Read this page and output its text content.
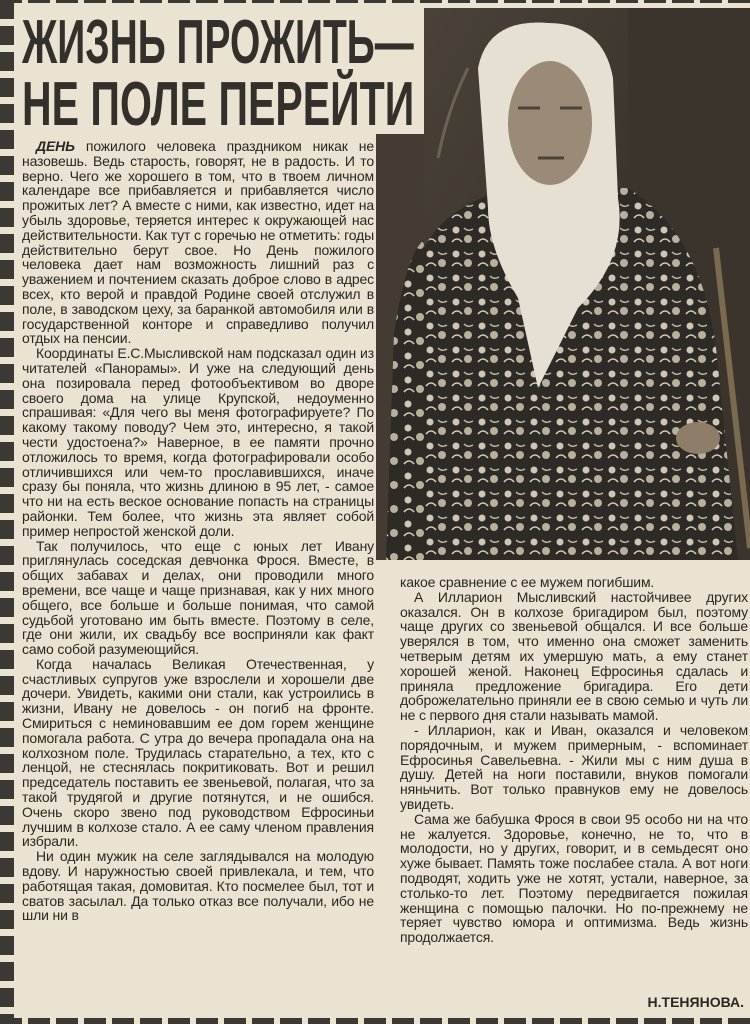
ЖИЗНЬ ПРОЖИТЬ—
НЕ ПОЛЕ ПЕРЕЙТИ

ДЕНЬ пожилого человека праздником никак не назовешь. Ведь старость, говорят, не в радость. И то верно. Чего же хорошего в том, что в твоем личном календаре все прибавляется и прибавляется число прожитых лет? А вместе с ними, как известно, идет на убыль здоровье, теряется интерес к окружающей нас действительности. Как тут с горечью не отметить: годы действительно берут свое. Но День пожилого человека дает нам возможность лишний раз с уважением и почтением сказать доброе слово в адрес всех, кто верой и правдой Родине своей отслужил в поле, в заводском цеху, за баранкой автомобиля или в государственной конторе и справедливо получил отдых на пенсии.

Координаты Е.С.Мысливской нам подсказал один из читателей «Панорамы». И уже на следующий день она позировала перед фотообъективом во дворе своего дома на улице Крупской, недоуменно спрашивая: «Для чего вы меня фотографируете? По какому такому поводу? Чем это, интересно, я такой чести удостоена?» Наверное, в ее памяти прочно отложилось то время, когда фотографировали особо отличившихся или чем-то прославившихся, иначе сразу бы поняла, что жизнь длиною в 95 лет, - самое что ни на есть веское основание попасть на страницы районки. Тем более, что жизнь эта являет собой пример непростой женской доли.

Так получилось, что еще с юных лет Ивану приглянулась соседская девчонка Фрося. Вместе, в общих забавах и делах, они проводили много времени, все чаще и чаще признавая, как у них много общего, все больше и больше понимая, что самой судьбой уготовано им быть вместе. Поэтому в селе, где они жили, их свадьбу все восприняли как факт само собой разумеющийся.

Когда началась Великая Отечественная, у счастливых супругов уже взрослели и хорошели две дочери. Увидеть, какими они стали, как устроились в жизни, Ивану не довелось - он погиб на фронте. Смириться с неминовавшим ее дом горем женщине помогала работа. С утра до вечера пропадала она на колхозном поле. Трудилась старательно, а тех, кто с ленцой, не стеснялась покритиковать. Вот и решил председатель поставить ее звеньевой, полагая, что за такой трудягой и другие потянутся, и не ошибся. Очень скоро звено под руководством Ефросиньи лучшим в колхозе стало. А ее саму членом правления избрали.

Ни один мужик на селе заглядывался на молодую вдову. И наружностью своей привлекала, и тем, что работящая такая, домовитая. Кто посмелее был, тот и сватов засылал. Да только отказ все получали, ибо не шли ни в

какое сравнение с ее мужем погибшим.

А Илларион Мысливский настойчивее других оказался. Он в колхозе бригадиром был, поэтому чаще других со звеньевой общался. И все больше уверялся в том, что именно она сможет заменить четверым детям их умершую мать, а ему станет хорошей женой. Наконец Ефросинья сдалась и приняла предложение бригадира. Его дети доброжелательно приняли ее в свою семью и чуть ли не с первого дня стали называть мамой.

- Илларион, как и Иван, оказался и человеком порядочным, и мужем примерным, - вспоминает Ефросинья Савельевна. - Жили мы с ним душа в душу. Детей на ноги поставили, внуков помогали няньчить. Вот только правнуков ему не довелось увидеть.

Сама же бабушка Фрося в свои 95 особо ни на что не жалуется. Здоровье, конечно, не то, что в молодости, но у других, говорит, и в семьдесят оно хуже бывает. Память тоже послабее стала. А вот ноги подводят, ходить уже не хотят, устали, наверное, за столько-то лет. Поэтому передвигается пожилая женщина с помощью палочки. Но по-прежнему не теряет чувство юмора и оптимизма. Ведь жизнь продолжается.

Н.ТЕНЯНОВА.
